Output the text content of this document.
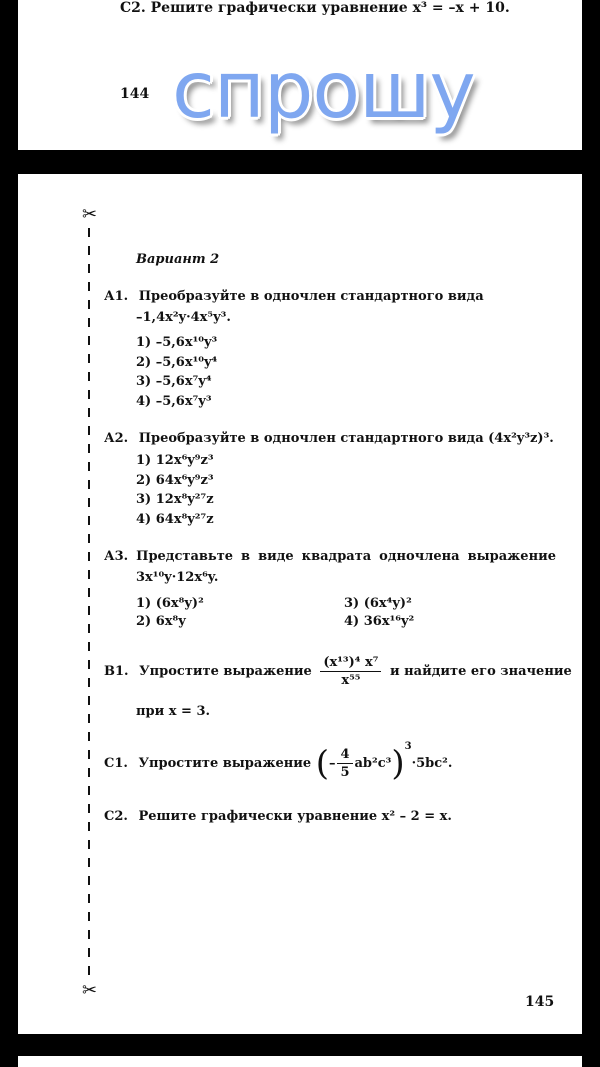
C2. Решите графически уравнение x³ = –x + 10.
144 спрошу
✂
✂
Вариант 2
А1. Преобразуйте в одночлен стандартного вида
–1,4x²y·4x⁵y³.
1) –5,6x¹⁰y³
2) –5,6x¹⁰y⁴
3) –5,6x⁷y⁴
4) –5,6x⁷y³
А2. Преобразуйте в одночлен стандартного вида (4x²y³z)³.
1) 12x⁶y⁹z³
2) 64x⁶y⁹z³
3) 12x⁸y²⁷z
4) 64x⁸y²⁷z
А3. Представьте в виде квадрата одночлена выражение
3x¹⁰y·12x⁶y.
1) (6x⁸y)²	3) (6x⁴y)²
2) 6x⁸y	4) 36x¹⁶y²
В1. Упростите выражение $\frac{\text{(x¹³)⁴ x⁷}}{\text{x⁵⁵}}$ и найдите его значение
при x = 3.
С1. Упростите выражение (– $\frac{4}{5} ab^2c^3)^3\cdot 5bc^2$.
С2. Решите графически уравнение x² – 2 = x.
145
